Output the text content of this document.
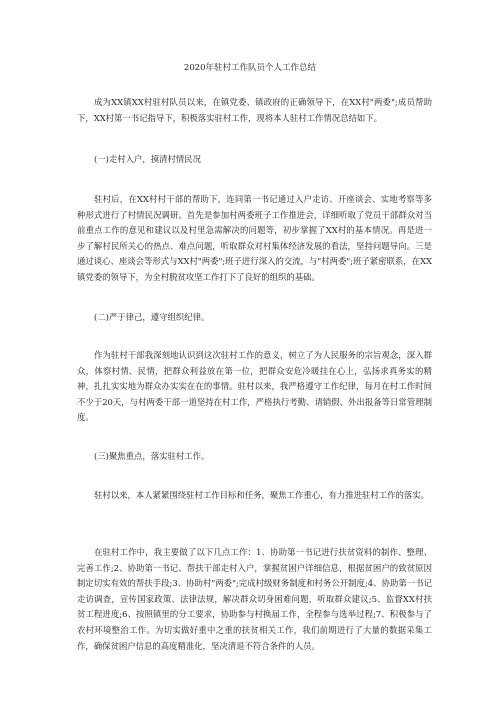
2020年驻村工作队员个人工作总结

成为XX镇XX村驻村队员以来，在镇党委、镇政府的正确领导下，在XX村"两委";成员帮助下，XX村第一书记指导下，积极落实驻村工作，现将本人驻村工作情况总结如下。

(一)走村入户，摸清村情民况

驻村后，在XX村村干部的帮助下，连同第一书记通过入户走访、开座谈会、实地考察等多种形式进行了村情民况调研。首先是参加村两委班子工作推进会，详细听取了党员干部群众对当前重点工作的意见和建议以及村里急需解决的问题等，初步掌握了XX村的基本情况。再是进一步了解村民所关心的热点、难点问题，听取群众对村集体经济发展的看法，坚持问题导向。三是通过谈心、座谈会等形式与XX村"两委";班子进行深入的交流，与"村两委";班子紧密联系，在XX镇党委的领导下，为全村脱贫攻坚工作打下了良好的组织的基础。

(二)严于律己，遵守组织纪律。

作为驻村干部我深刻地认识到这次驻村工作的意义，树立了为人民服务的宗旨观念，深入群众，体察村情、民情，把群众利益放在第一位，把群众安危冷暖挂在心上，弘扬求真务实的精神，扎扎实实地为群众办实实在在的事情。驻村以来，我严格遵守工作纪律，每月在村工作时间不少于20天，与村两委干部一道坚持在村工作，严格执行考勤、请销假、外出报备等日常管理制度。

(三)聚焦重点，落实驻村工作。

驻村以来，本人紧紧围绕驻村工作目标和任务，聚焦工作重心，有力推进驻村工作的落实。

在驻村工作中，我主要做了以下几点工作：1、协助第一书记进行扶贫资料的制作、整理、完善工作;2、协助第一书记、帮扶干部走村入户，掌握贫困户详细信息，根据贫困户的致贫原因制定切实有效的帮扶手段;3、协助村"两委";完成村级财务制度和村务公开制度;4、协助第一书记走访调查，宣传国家政策、法律法规，解决群众切身困难问题，听取群众建议;5、监督XX村扶贫工程进度;6、按照镇里的分工要求，协助参与村换届工作，全程参与选举过程;7、积极参与了农村环境整治工作。为切实做好重中之重的扶贫相关工作，我们前期进行了大量的数据采集工作，确保贫困户信息的高度精准化，坚决清退不符合条件的人员。
